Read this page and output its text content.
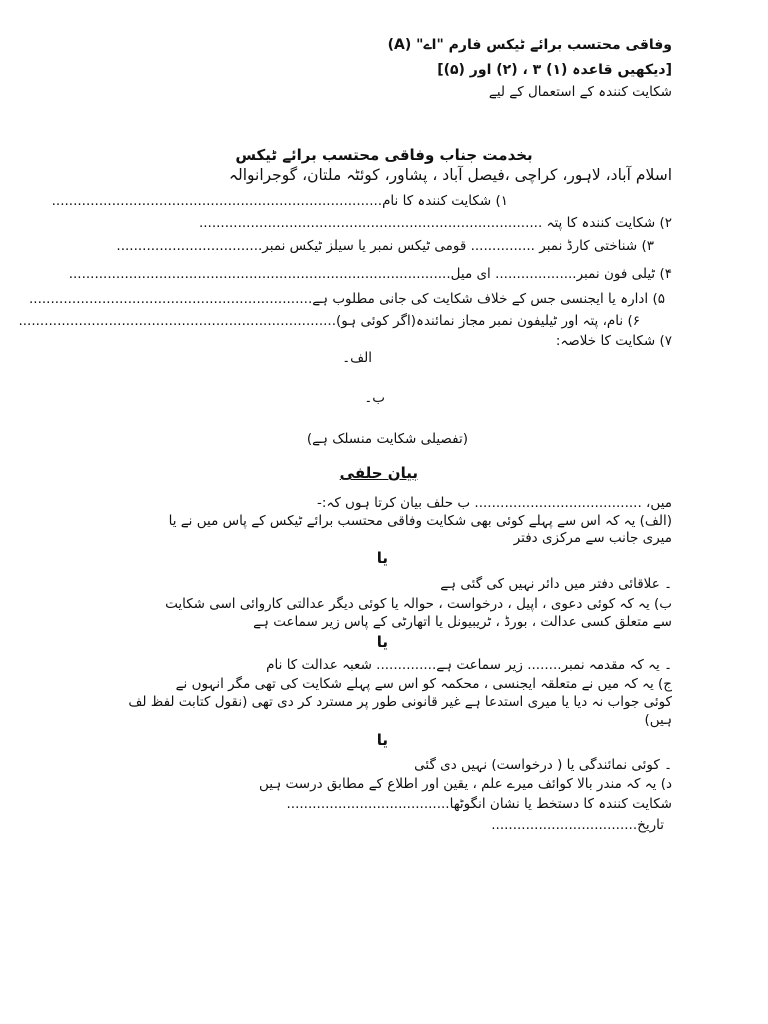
وفاقی محتسب برائے ٹیکس فارم "اے" (A)
[دیکھیں قاعدہ (۱) ۳ ، (۲) اور (۵)]
شکایت کنندہ کے استعمال کے لیے
بخدمت جناب وفاقی محتسب برائے ٹیکس
اسلام آباد، لاہور، کراچی ،فیصل آباد ، پشاور، کوئٹہ ملتان، گوجرانوالہ
۱) شکایت کنندہ کا نام.............................................................................
۲) شکایت کنندہ کا پتہ ................................................................................
۳) شناختی کارڈ نمبر ............... قومی ٹیکس نمبر یا سیلز ٹیکس نمبر..................................
۴) ٹیلی فون نمبر................... ای میل.........................................................................................
۵) ادارہ یا ایجنسی جس کے خلاف شکایت کی جانی مطلوب ہے..................................................................
۶) نام، پتہ اور ٹیلیفون نمبر مجاز نمائندہ(اگر کوئی ہو)..........................................................................
۷) شکایت کا خلاصہ:
الف۔
ب۔
(تفصیلی شکایت منسلک ہے)
بیان حلفی
میں، ....................................... ب حلف بیان کرتا ہوں کہ:-
(الف) یہ کہ اس سے پہلے کوئی بھی شکایت وفاقی محتسب برائے ٹیکس کے پاس میں نے یا
میری جانب سے مرکزی دفتر
یا
۔ علاقائی دفتر میں دائر نہیں کی گئی ہے
ب) یہ کہ کوئی دعوی ، اپیل ، درخواست ، حوالہ یا کوئی دیگر عدالتی کاروائی اسی شکایت
سے متعلق کسی عدالت ، بورڈ ، ٹریبیونل یا اتھارٹی کے پاس زیر سماعت ہے
یا
۔ یہ کہ مقدمہ نمبر........ زیر سماعت ہے.............. شعبہ عدالت کا نام
ج) یہ کہ میں نے متعلقہ ایجنسی ، محکمہ کو اس سے پہلے شکایت کی تھی مگر انہوں نے
کوئی جواب نہ دیا یا میری استدعا ہے غیر قانونی طور پر مسترد کر دی تھی (نقول کتابت لفظ لف
ہیں)
یا
۔ کوئی نمائندگی یا ( درخواست) نہیں دی گئی
د) یہ کہ مندر بالا کوائف میرے علم ، یقین اور اطلاع کے مطابق درست ہیں
شکایت کنندہ کا دستخط یا نشان انگوٹھا......................................
تاریخ..................................
